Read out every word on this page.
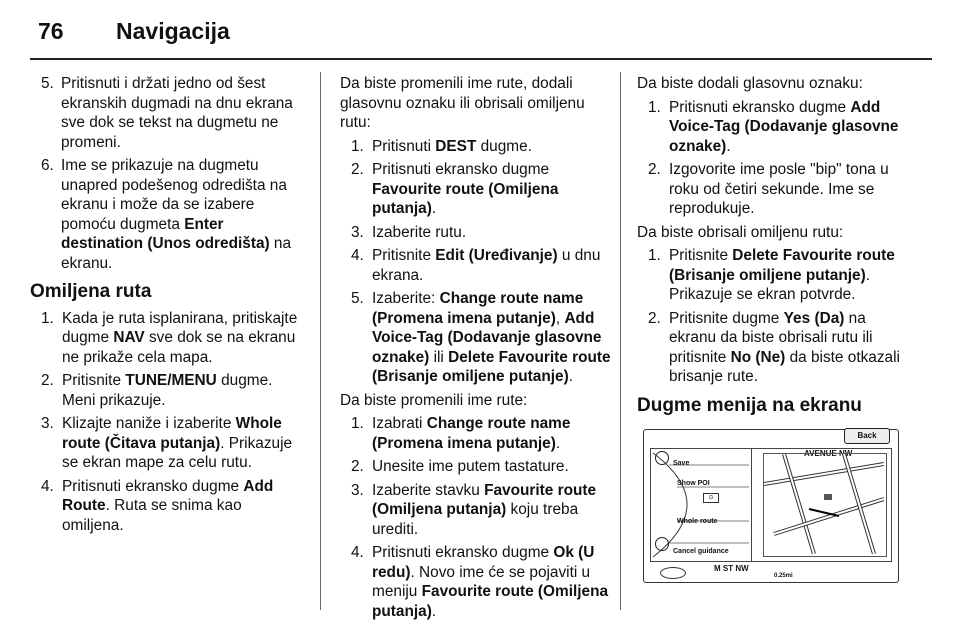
76 Navigacija
5. Pritisnuti i držati jedno od šest ekranskih dugmadi na dnu ekrana sve dok se tekst na dugmetu ne promeni.
6. Ime se prikazuje na dugmetu unapred podešenog odredišta na ekranu i može da se izabere pomoću dugmeta Enter destination (Unos odredišta) na ekranu.
Omiljena ruta
1. Kada je ruta isplanirana, pritiskajte dugme NAV sve dok se na ekranu ne prikaže cela mapa.
2. Pritisnite TUNE/MENU dugme. Meni prikazuje.
3. Klizajte naniže i izaberite Whole route (Čitava putanja). Prikazuje se ekran mape za celu rutu.
4. Pritisnuti ekransko dugme Add Route. Ruta se snima kao omiljena.

Da biste promenili ime rute, dodali glasovnu oznaku ili obrisali omiljenu rutu:

1. Pritisnuti DEST dugme.
2. Pritisnuti ekransko dugme Favourite route (Omiljena putanja).
3. Izaberite rutu.
4. Pritisnite Edit (Uređivanje) u dnu ekrana.
5. Izaberite: Change route name (Promena imena putanje), Add Voice-Tag (Dodavanje glasovne oznake) ili Delete Favourite route (Brisanje omiljene putanje).

Da biste promenili ime rute:

1. Izabrati Change route name (Promena imena putanje).
2. Unesite ime putem tastature.
3. Izaberite stavku Favourite route (Omiljena putanja) koju treba urediti.
4. Pritisnuti ekransko dugme Ok (U redu). Novo ime će se pojaviti u meniju Favourite route (Omiljena putanja).

Da biste dodali glasovnu oznaku:

1. Pritisnuti ekransko dugme Add Voice-Tag (Dodavanje glasovne oznake).
2. Izgovorite ime posle "bip" tona u roku od četiri sekunde. Ime se reprodukuje.

Da biste obrisali omiljenu rutu:

1. Pritisnite Delete Favourite route (Brisanje omiljene putanje). Prikazuje se ekran potvrde.
2. Pritisnite dugme Yes (Da) na ekranu da biste obrisali rutu ili pritisnite No (Ne) da biste otkazali brisanje rute.
Dugme menija na ekranu
Back
AVENUE NW
Save
Show POI
⊙
Whole route
Cancel guidance
0.25mi
M ST NW
